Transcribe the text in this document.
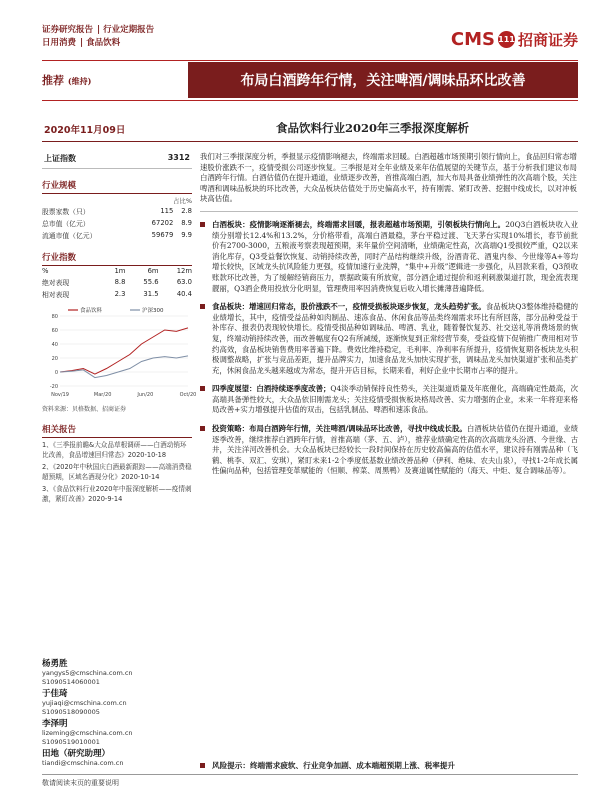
证券研究报告 | 行业定期报告
日用消费 | 食品饮料	CMS 111 招商证券
推荐 (维持)	布局白酒跨年行情，关注啤酒/调味品环比改善
2020年11月09日	食品饮料行业2020年三季报深度解析
上证指数	3312
行业规模
占比%
股票家数（只）	115	2.8
总市值（亿元）	67202	8.9
流通市值（亿元）	59679	9.9
行业指数
%	1m	6m	12m
绝对表现	8.8	55.6	63.0
相对表现	2.3	31.5	40.4
80
60
40
20
0
-20
Nov/19	Mar/20	Jun/20	Oct/20
食品饮料	沪深300
资料来源：贝格数据、招商证券
相关报告
1、《三季报前瞻&大众品草根调研——白酒动销环比改善，食品增速回归常态》2020-10-18
2、《2020年中秋国庆白酒最新跟踪——高端消费稳超预期，区域名酒现分化》2020-10-14
3、《食品饮料行业2020年中报深度解析——疫情刺激，紧盯改善》2020-9-14
杨勇胜
yangys5@cmschina.com.cn
S1090514060001
于佳琦
yujiaqi@cmschina.com.cn
S1090518090005
李泽明
lizeming@cmschina.com.cn
S1090519010001
田地（研究助理）
tiandi@cmschina.com.cn
我们对三季报深度分析，季报显示疫情影响褪去，终端需求回暖。白酒超越市场预期引领行情向上，食品回归常态增速股价涨跌不一，疫情受损公司逐步恢复。三季报是对全年业绩及来年估值展望的关键节点，基于分析我们建议布局白酒跨年行情。白酒估值仍在提升通道，业绩逐步改善，首推高端白酒，加大布局具备业绩弹性的次高端个股，关注啤酒和调味品板块的环比改善，大众品板块估值处于历史偏高水平，持有刚需、紧盯改善、挖掘中线成长，以对冲板块高估值。
白酒板块：疫情影响逐渐褪去，终端需求回暖，报表超越市场预期，引领板块行情向上。20Q3白酒板块收入业绩分别增长12.4%和13.2%，分价格带看，高端白酒最稳，茅台平稳过渡、飞天茅台实现10%增长，春节前批价有2700-3000，五粮液考察表现超预期，来年量价空间清晰，业绩确定性高，次高端Q1受损较严重，Q2以来消化库存，Q3受益餐饮恢复、动销持续改善，同时产品结构继续升级，汾酒青花、酒鬼内参、今世缘等A+等均增长较快，区域龙头抗风险能力更强，疫情加速行业洗牌，“集中+升级”逻辑进一步强化，从回款来看，Q3预收账款环比改善，为了缓解经销商压力，票据政策有所放宽，部分酒企通过提价和返利刺激渠道打款，现金流表现靓丽，Q3酒企费用投放分化明显，管理费用率因消费恢复后收入增长摊薄普遍降低。
食品板块：增速回归常态，股价涨跌不一，疫情受损板块逐步恢复，龙头趋势扩张。食品板块Q3整体维持稳健的业绩增长，其中，疫情受益品种如肉制品、速冻食品、休闲食品等品类终端需求环比有所回落，部分品种受益于补库存、报表仍表现较快增长。疫情受损品种如调味品、啤酒、乳业，随着餐饮复苏、社交送礼等消费场景的恢复，终端动销持续改善，而改善幅度有Q2有所减缓，逐渐恢复到正常经营节奏，受益疫情下促销推广费用相对节约高效，食品板块销售费用率普遍下降。费效比维持稳定，毛利率、净利率有所提升，疫情恢复期各板块龙头积极调整战略，扩张与竞品差距，提升品牌实力，加速食品龙头加快实现扩张，调味品龙头加快渠道扩张和品类扩充，休闲食品龙头越来越成为常态，提升开店目标，长期来看，利好企业中长期市占率的提升。
四季度展望：白酒持续逐季度改善；Q4淡季动销保持良性势头，关注渠道质量及年底催化，高端确定性最高，次高端具备弹性较大，大众品依旧刚需龙头；关注疫情受损恢板块格局改善、实力增强的企业，未来一年将迎来格局改善+实力增强提升估值的双击，包括乳制品、啤酒和速冻食品。
投资策略：布局白酒跨年行情，关注啤酒/调味品环比改善，寻找中线成长股。白酒板块估值仍在提升通道，业绩逐季改善，继续推荐白酒跨年行情，首推高端（茅、五、泸），推荐业绩确定性高的次高端龙头汾酒、今世缘、古井，关注洋河改善机会。大众品板块已经较长一段时间保持在历史较高偏高的估值水平，建议持有刚需品种（飞鹤、桃李、双汇、安琪），紧盯未来1-2个季度低基数业绩改善品种（伊利、绝味、农夫山泉），寻找1-2年成长属性偏向品种，包括管理变革赋能的（恒顺、榨菜、周黑鸭）及赛道属性赋能的（海天、中炬、复合调味品等）。
风险提示：终端需求疲软、行业竞争加剧、成本端超预期上涨、税率提升
敬请阅读末页的重要说明
